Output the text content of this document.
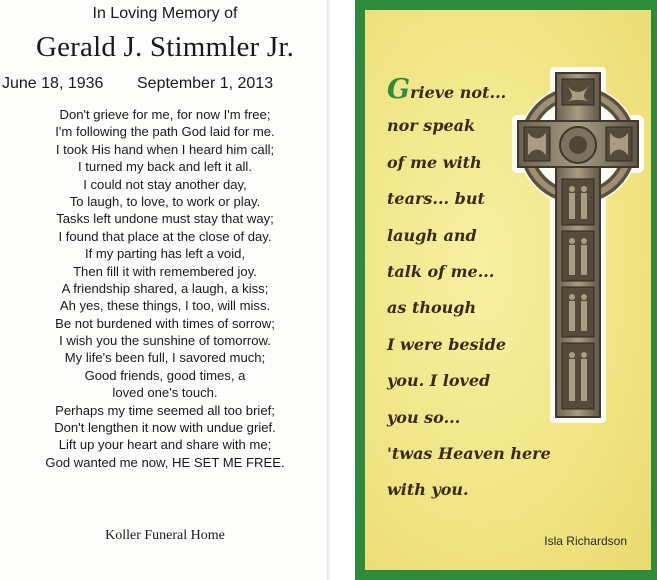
In Loving Memory of
Gerald J. Stimmler Jr.
June 18, 1936 September 1, 2013
Don't grieve for me, for now I'm free;
I'm following the path God laid for me.
I took His hand when I heard him call;
I turned my back and left it all.
I could not stay another day,
To laugh, to love, to work or play.
Tasks left undone must stay that way;
I found that place at the close of day.
If my parting has left a void,
Then fill it with remembered joy.
A friendship shared, a laugh, a kiss;
Ah yes, these things, I too, will miss.
Be not burdened with times of sorrow;
I wish you the sunshine of tomorrow.
My life's been full, I savored much;
Good friends, good times, a
loved one's touch.
Perhaps my time seemed all too brief;
Don't lengthen it now with undue grief.
Lift up your heart and share with me;
God wanted me now, HE SET ME FREE.
Koller Funeral Home
Grieve not...
nor speak
of me with
tears... but
laugh and
talk of me...
as though
I were beside
you. I loved
you so...
'twas Heaven here
with you.
Isla Richardson
